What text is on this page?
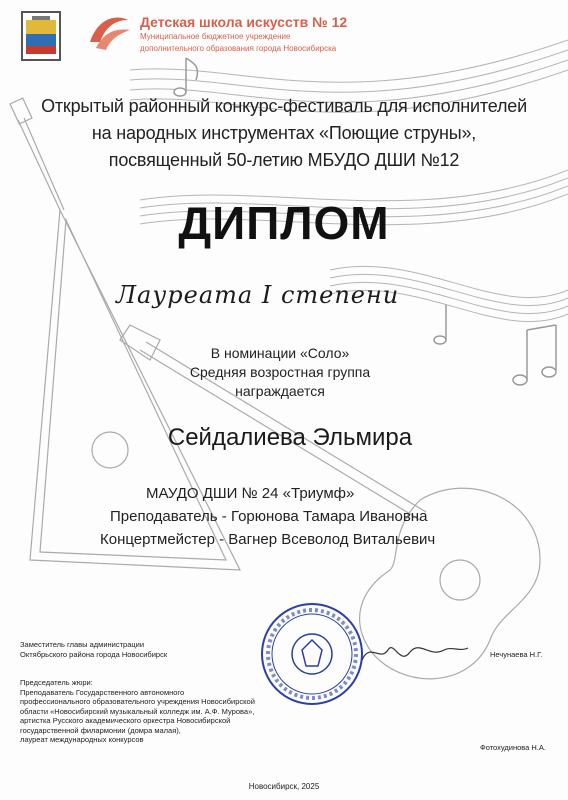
Детская школа искусств № 12
Муниципальное бюджетное учреждение
дополнительного образования города Новосибирска
Открытый районный конкурс-фестиваль для исполнителей
на народных инструментах «Поющие струны»,
посвященный 50-летию МБУДО ДШИ №12
ДИПЛОМ
Лауреата I степени
В номинации «Соло»
Средняя возростная группа
награждается
Сейдалиева Эльмира
МАУДО ДШИ № 24 «Триумф»
Преподаватель - Горюнова Тамара Ивановна
Концертмейстер - Вагнер Всеволод Витальевич
Заместитель главы администрации
Октябрьского района города Новосибирск	Нечунаева Н.Г.
Председатель жюри:
Преподаватель Государственного автономного
профессионального образовательного учреждения Новосибирской
области «Новосибирский музыкальный колледж им. А.Ф. Мурова»,
артистка Русского академического оркестра Новосибирской
государственной филармонии (домра малая),
лауреат международных конкурсов
Фотохудинова Н.А.
Новосибирск, 2025
